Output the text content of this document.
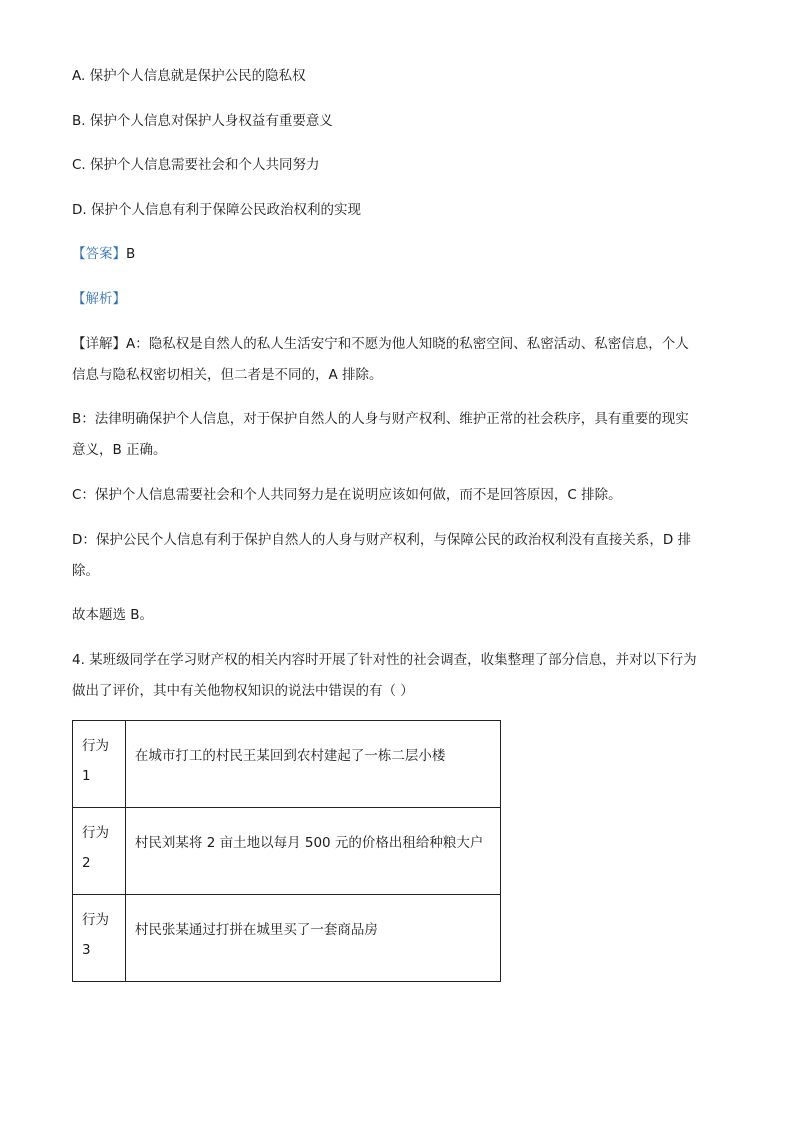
A. 保护个人信息就是保护公民的隐私权
B. 保护个人信息对保护人身权益有重要意义
C. 保护个人信息需要社会和个人共同努力
D. 保护个人信息有利于保障公民政治权利的实现
【答案】B
【解析】
【详解】A：隐私权是自然人的私人生活安宁和不愿为他人知晓的私密空间、私密活动、私密信息，个人
信息与隐私权密切相关，但二者是不同的，A 排除。
B：法律明确保护个人信息，对于保护自然人的人身与财产权利、维护正常的社会秩序，具有重要的现实
意义，B 正确。
C：保护个人信息需要社会和个人共同努力是在说明应该如何做，而不是回答原因，C 排除。
D：保护公民个人信息有利于保护自然人的人身与财产权利，与保障公民的政治权利没有直接关系，D 排
除。
故本题选 B。
4. 某班级同学在学习财产权的相关内容时开展了针对性的社会调查，收集整理了部分信息，并对以下行为
做出了评价，其中有关他物权知识的说法中错误的有（ ）
行为
1	在城市打工的村民王某回到农村建起了一栋二层小楼

行为
2	村民刘某将 2 亩土地以每月 500 元的价格出租给种粮大户

行为
3	村民张某通过打拼在城里买了一套商品房
